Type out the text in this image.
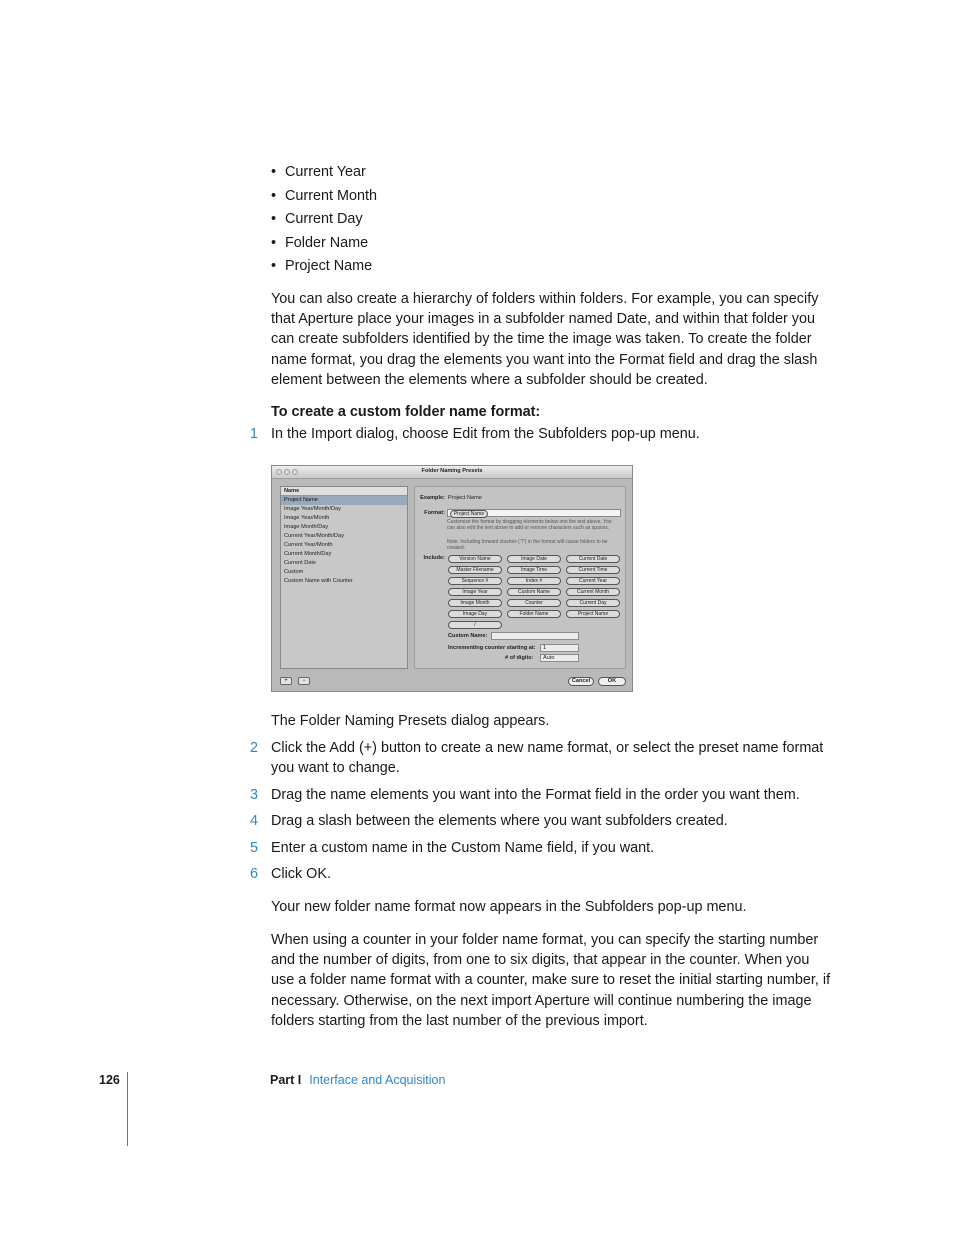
• Current Year
• Current Month
• Current Day
• Folder Name
• Project Name

You can also create a hierarchy of folders within folders. For example, you can specify that Aperture place your images in a subfolder named Date, and within that folder you can create subfolders identified by the time the image was taken. To create the folder name format, you drag the elements you want into the Format field and drag the slash element between the elements where a subfolder should be created.

To create a custom folder name format:
1 In the Import dialog, choose Edit from the Subfolders pop-up menu.
Folder Naming Presets
Name
Project Name
Image Year/Month/Day
Image Year/Month
Image Month/Day
Current Year/Month/Day
Current Year/Month
Current Month/Day
Current Date
Custom
Custom Name with Counter
Example: Project Name
Format:	Project Name
Customize the format by dragging elements below into the text above. You can also edit the text above to add or remove characters such as spaces.
Note: Including forward slashes ("/") in the format will cause folders to be created.
Include:	Version Name	Image Date	Current Date
Master Filename	Image Time	Current Time
Sequence #	Index #	Current Year
Image Year	Custom Name	Current Month
Image Month	Counter	Current Day
Image Day	Folder Name	Project Name
/
Custom Name:
Incrementing counter starting at:	1
# of digits:	Auto
+	−	Cancel	OK

The Folder Naming Presets dialog appears.

2 Click the Add (+) button to create a new name format, or select the preset name format you want to change.
3 Drag the name elements you want into the Format field in the order you want them.
4 Drag a slash between the elements where you want subfolders created.
5 Enter a custom name in the Custom Name field, if you want.
6 Click OK.

Your new folder name format now appears in the Subfolders pop-up menu.

When using a counter in your folder name format, you can specify the starting number and the number of digits, from one to six digits, that appear in the counter. When you use a folder name format with a counter, make sure to reset the initial starting number, if necessary. Otherwise, on the next import Aperture will continue numbering the image folders starting from the last number of the previous import.

126	Part I Interface and Acquisition
